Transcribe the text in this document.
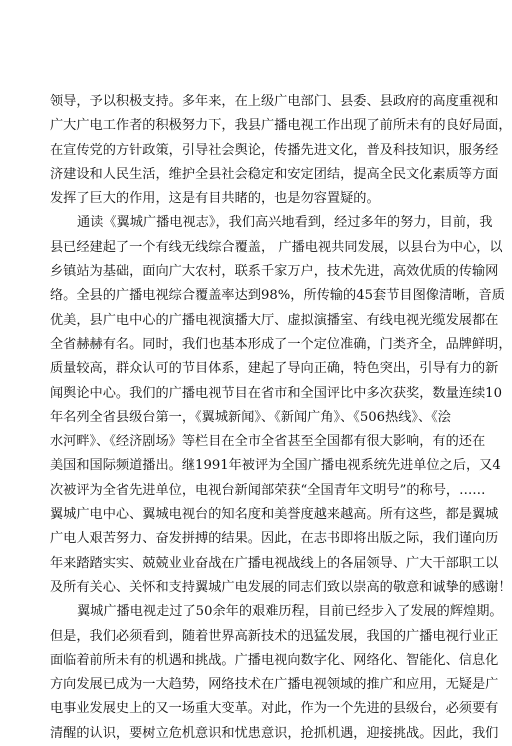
领导，予以积极支持。多年来，在上级广电部门、县委、县政府的高度重视和
广大广电工作者的积极努力下，我县广播电视工作出现了前所未有的良好局面，
在宣传党的方针政策，引导社会舆论，传播先进文化，普及科技知识，服务经
济建设和人民生活，维护全县社会稳定和安定团结，提高全民文化素质等方面
发挥了巨大的作用，这是有目共睹的，也是勿容置疑的。
通读《翼城广播电视志》，我们高兴地看到，经过多年的努力，目前，我
县已经建起了一个有线无线综合覆盖， 广播电视共同发展，以县台为中心，以
乡镇站为基础，面向广大农村，联系千家万户，技术先进，高效优质的传输网
络。全县的广播电视综合覆盖率达到98%，所传输的45套节目图像清晰，音质
优美，县广电中心的广播电视演播大厅、虚拟演播室、有线电视光缆发展都在
全省赫赫有名。同时，我们也基本形成了一个定位准确，门类齐全，品牌鲜明，
质量较高，群众认可的节目体系，建起了导向正确，特色突出，引导有力的新
闻舆论中心。我们的广播电视节目在省市和全国评比中多次获奖，数量连续10
年名列全省县级台第一，《翼城新闻》、《新闻广角》、《506热线》、《浍
水河畔》、《经济剧场》等栏目在全市全省甚至全国都有很大影响，有的还在
美国和国际频道播出。继1991年被评为全国广播电视系统先进单位之后，又4
次被评为全省先进单位，电视台新闻部荣获“全国青年文明号”的称号，……
翼城广电中心、翼城电视台的知名度和美誉度越来越高。所有这些，都是翼城
广电人艰苦努力、奋发拼搏的结果。因此，在志书即将出版之际，我们谨向历
年来踏踏实实、兢兢业业奋战在广播电视战线上的各届领导、广大干部职工以
及所有关心、关怀和支持翼城广电发展的同志们致以崇高的敬意和诚挚的感谢！
翼城广播电视走过了50余年的艰难历程，目前已经步入了发展的辉煌期。
但是，我们必须看到，随着世界高新技术的迅猛发展，我国的广播电视行业正
面临着前所未有的机遇和挑战。广播电视向数字化、网络化、智能化、信息化
方向发展已成为一大趋势，网络技术在广播电视领域的推广和应用，无疑是广
电事业发展史上的又一场重大变革。对此，作为一个先进的县级台，必须要有
清醒的认识，要树立危机意识和忧患意识，抢抓机遇，迎接挑战。因此，我们
